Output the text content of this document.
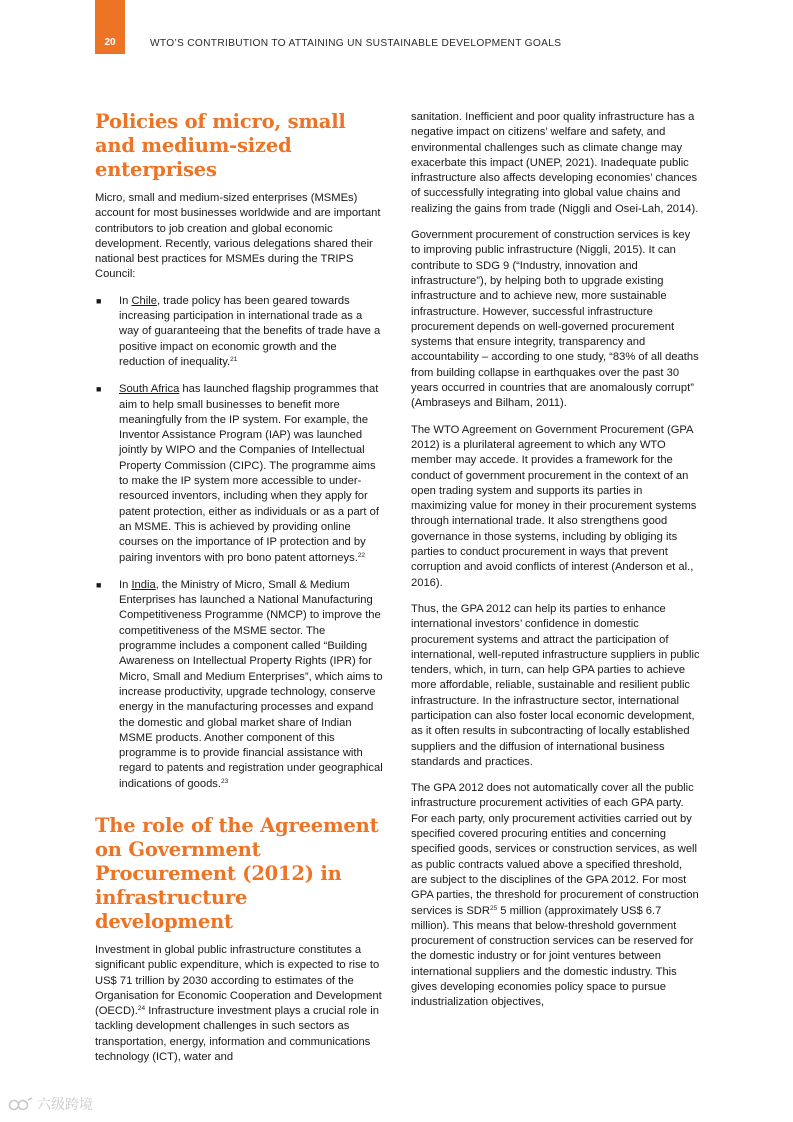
20	WTO’S CONTRIBUTION TO ATTAINING UN SUSTAINABLE DEVELOPMENT GOALS
Policies of micro, small and medium-sized enterprises

Micro, small and medium-sized enterprises (MSMEs) account for most businesses worldwide and are important contributors to job creation and global economic development. Recently, various delegations shared their national best practices for MSMEs during the TRIPS Council:

■ In Chile, trade policy has been geared towards increasing participation in international trade as a way of guaranteeing that the benefits of trade have a positive impact on economic growth and the reduction of inequality.$^{21}$
■ South Africa has launched flagship programmes that aim to help small businesses to benefit more meaningfully from the IP system. For example, the Inventor Assistance Program (IAP) was launched jointly by WIPO and the Companies of Intellectual Property Commission (CIPC). The programme aims to make the IP system more accessible to under-resourced inventors, including when they apply for patent protection, either as individuals or as a part of an MSME. This is achieved by providing online courses on the importance of IP protection and by pairing inventors with pro bono patent attorneys.$^{22}$
■ In India, the Ministry of Micro, Small & Medium Enterprises has launched a National Manufacturing Competitiveness Programme (NMCP) to improve the competitiveness of the MSME sector. The programme includes a component called “Building Awareness on Intellectual Property Rights (IPR) for Micro, Small and Medium Enterprises”, which aims to increase productivity, upgrade technology, conserve energy in the manufacturing processes and expand the domestic and global market share of Indian MSME products. Another component of this programme is to provide financial assistance with regard to patents and registration under geographical indications of goods.$^{23}$
The role of the Agreement on Government Procurement (2012) in infrastructure development

Investment in global public infrastructure constitutes a significant public expenditure, which is expected to rise to US$ 71 trillion by 2030 according to estimates of the Organisation for Economic Cooperation and Development (OECD).$^{24}$ Infrastructure investment plays a crucial role in tackling development challenges in such sectors as transportation, energy, information and communications technology (ICT), water and

sanitation. Inefficient and poor quality infrastructure has a negative impact on citizens’ welfare and safety, and environmental challenges such as climate change may exacerbate this impact (UNEP, 2021). Inadequate public infrastructure also affects developing economies’ chances of successfully integrating into global value chains and realizing the gains from trade (Niggli and Osei-Lah, 2014).

Government procurement of construction services is key to improving public infrastructure (Niggli, 2015). It can contribute to SDG 9 (“Industry, innovation and infrastructure”), by helping both to upgrade existing infrastructure and to achieve new, more sustainable infrastructure. However, successful infrastructure procurement depends on well-governed procurement systems that ensure integrity, transparency and accountability – according to one study, “83% of all deaths from building collapse in earthquakes over the past 30 years occurred in countries that are anomalously corrupt” (Ambraseys and Bilham, 2011).

The WTO Agreement on Government Procurement (GPA 2012) is a plurilateral agreement to which any WTO member may accede. It provides a framework for the conduct of government procurement in the context of an open trading system and supports its parties in maximizing value for money in their procurement systems through international trade. It also strengthens good governance in those systems, including by obliging its parties to conduct procurement in ways that prevent corruption and avoid conflicts of interest (Anderson et al., 2016).

Thus, the GPA 2012 can help its parties to enhance international investors’ confidence in domestic procurement systems and attract the participation of international, well-reputed infrastructure suppliers in public tenders, which, in turn, can help GPA parties to achieve more affordable, reliable, sustainable and resilient public infrastructure. In the infrastructure sector, international participation can also foster local economic development, as it often results in subcontracting of locally established suppliers and the diffusion of international business standards and practices.

The GPA 2012 does not automatically cover all the public infrastructure procurement activities of each GPA party. For each party, only procurement activities carried out by specified covered procuring entities and concerning specified goods, services or construction services, as well as public contracts valued above a specified threshold, are subject to the disciplines of the GPA 2012. For most GPA parties, the threshold for procurement of construction services is SDR$^{25}$ 5 million (approximately US$ 6.7 million). This means that below-threshold government procurement of construction services can be reserved for the domestic industry or for joint ventures between international suppliers and the domestic industry. This gives developing economies policy space to pursue industrialization objectives,

六级跨境
